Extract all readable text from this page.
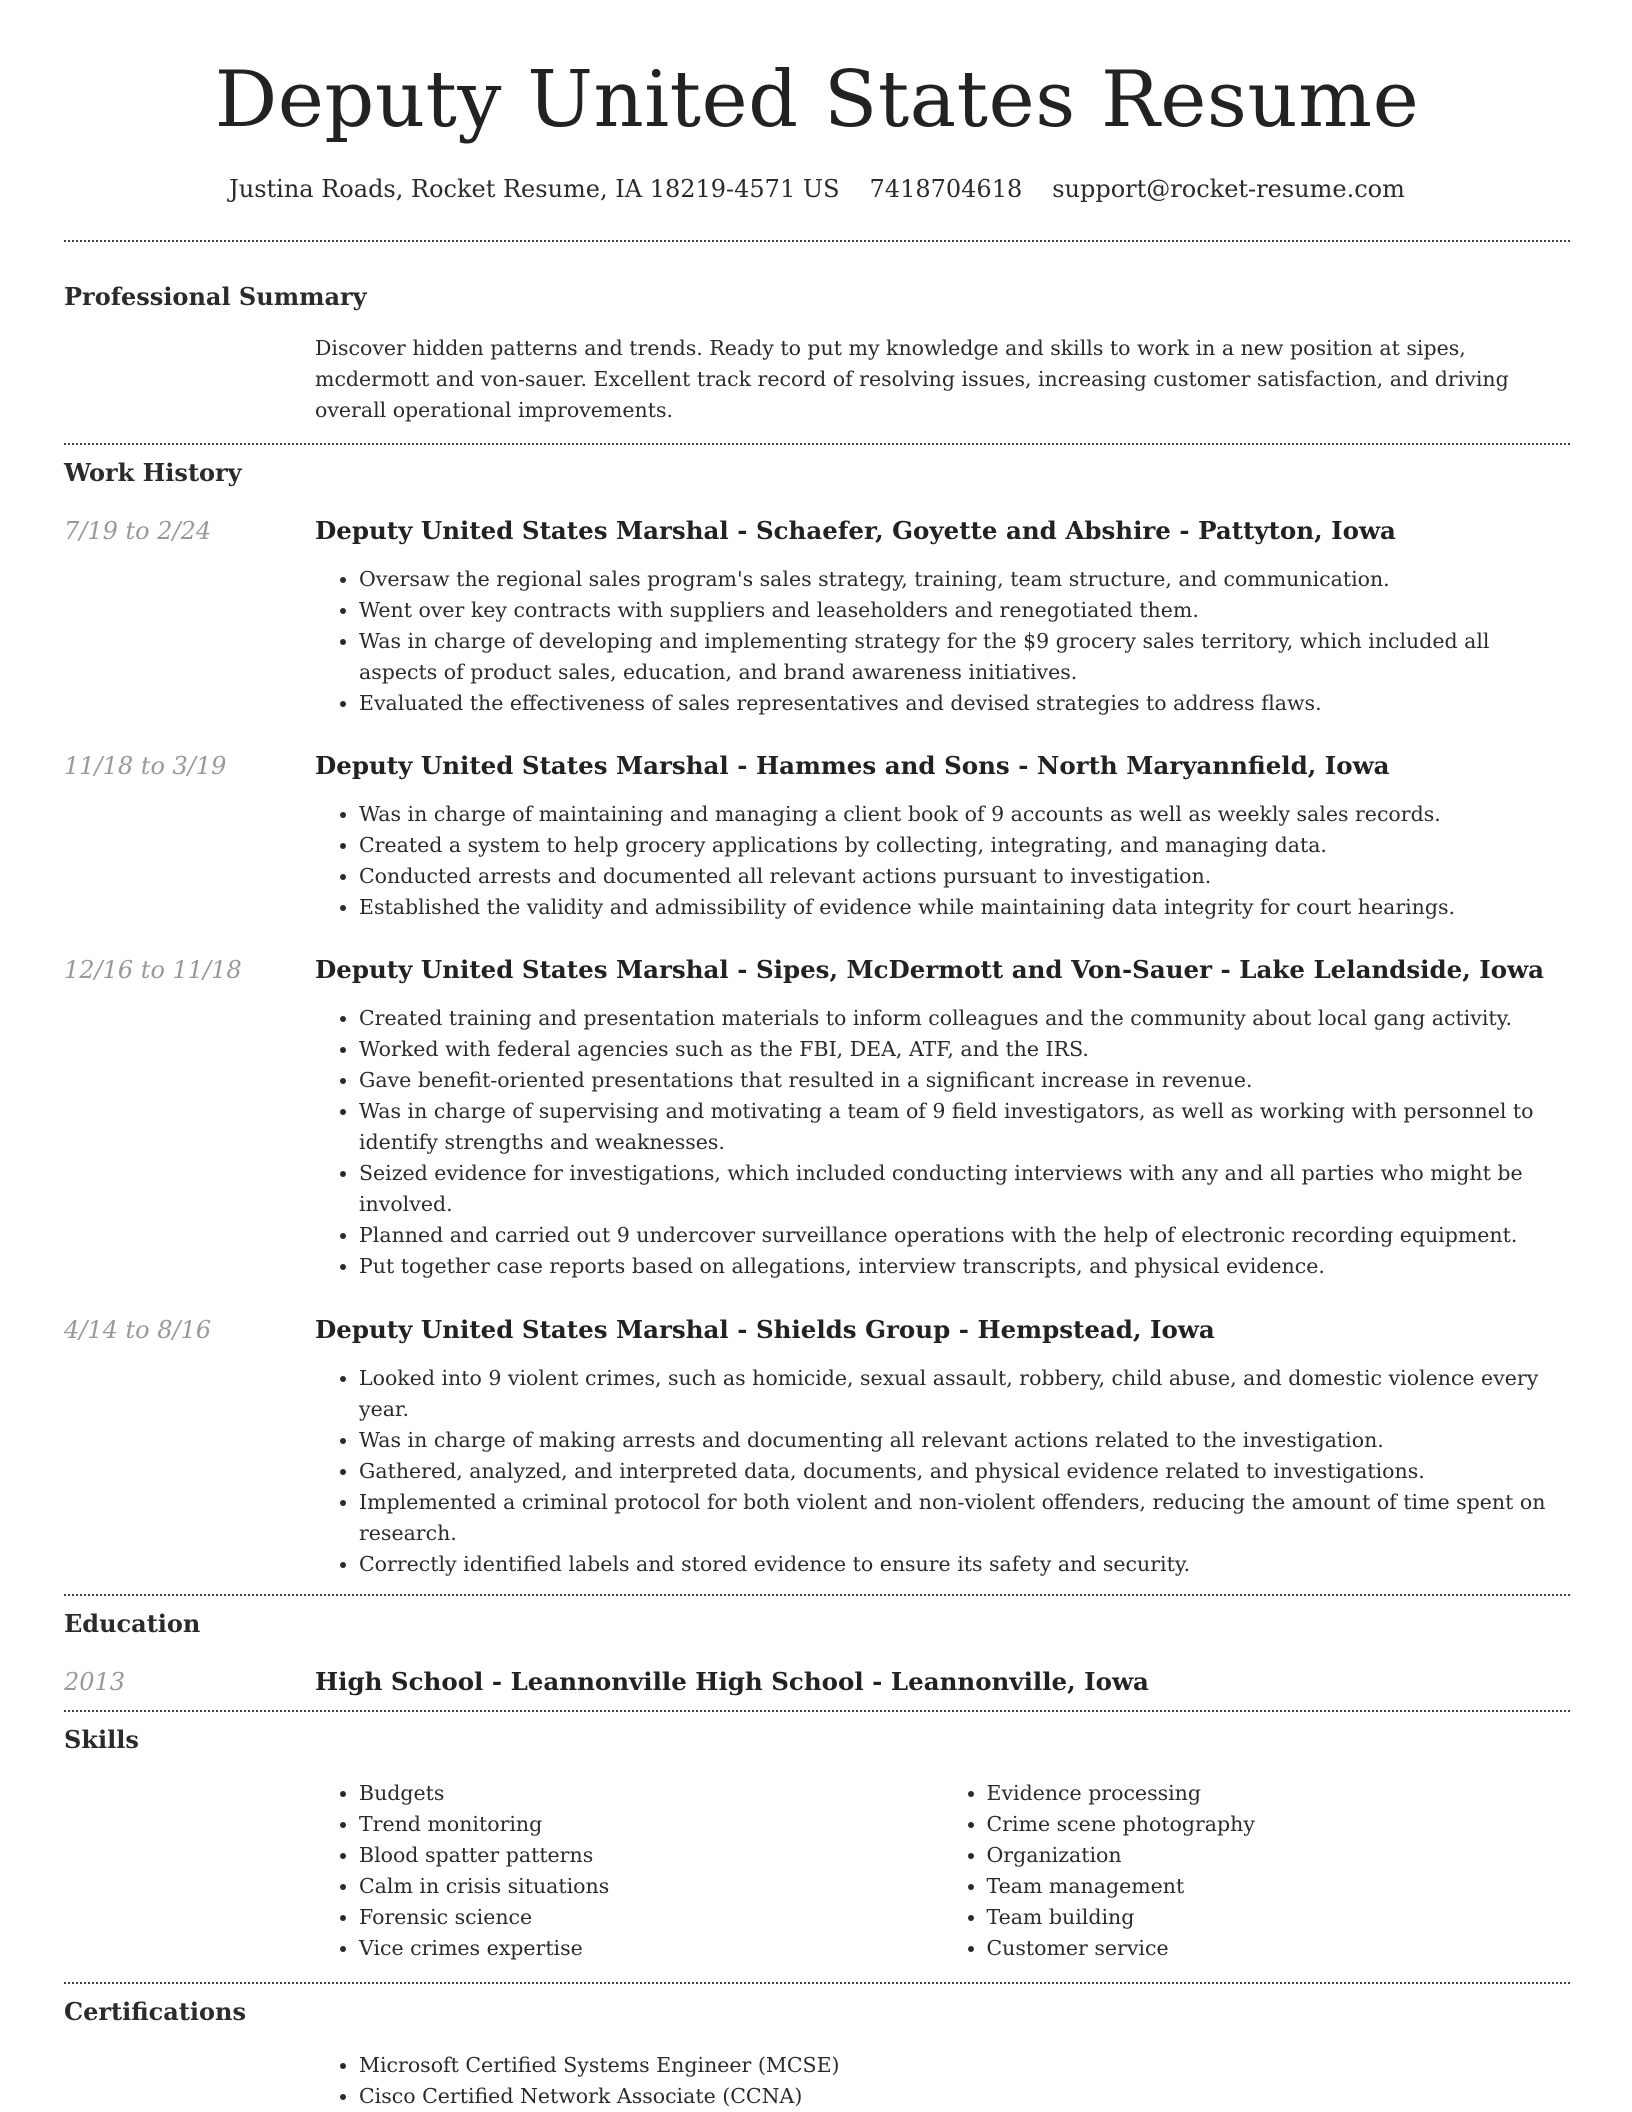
Deputy United States Resume
Justina Roads, Rocket Resume, IA 18219-4571 US 7418704618 support@rocket-resume.com
Professional Summary

Discover hidden patterns and trends. Ready to put my knowledge and skills to work in a new position at sipes, mcdermott and von-sauer. Excellent track record of resolving issues, increasing customer satisfaction, and driving overall operational improvements.

Work History
7/19 to 2/24	Deputy United States Marshal - Schaefer, Goyette and Abshire - Pattyton, Iowa
• Oversaw the regional sales program's sales strategy, training, team structure, and communication.
• Went over key contracts with suppliers and leaseholders and renegotiated them.
• Was in charge of developing and implementing strategy for the $9 grocery sales territory, which included all aspects of product sales, education, and brand awareness initiatives.
• Evaluated the effectiveness of sales representatives and devised strategies to address flaws.
11/18 to 3/19	Deputy United States Marshal - Hammes and Sons - North Maryannfield, Iowa
• Was in charge of maintaining and managing a client book of 9 accounts as well as weekly sales records.
• Created a system to help grocery applications by collecting, integrating, and managing data.
• Conducted arrests and documented all relevant actions pursuant to investigation.
• Established the validity and admissibility of evidence while maintaining data integrity for court hearings.
12/16 to 11/18	Deputy United States Marshal - Sipes, McDermott and Von-Sauer - Lake Lelandside, Iowa
• Created training and presentation materials to inform colleagues and the community about local gang activity.
• Worked with federal agencies such as the FBI, DEA, ATF, and the IRS.
• Gave benefit-oriented presentations that resulted in a significant increase in revenue.
• Was in charge of supervising and motivating a team of 9 field investigators, as well as working with personnel to identify strengths and weaknesses.
• Seized evidence for investigations, which included conducting interviews with any and all parties who might be involved.
• Planned and carried out 9 undercover surveillance operations with the help of electronic recording equipment.
• Put together case reports based on allegations, interview transcripts, and physical evidence.
4/14 to 8/16	Deputy United States Marshal - Shields Group - Hempstead, Iowa
• Looked into 9 violent crimes, such as homicide, sexual assault, robbery, child abuse, and domestic violence every year.
• Was in charge of making arrests and documenting all relevant actions related to the investigation.
• Gathered, analyzed, and interpreted data, documents, and physical evidence related to investigations.
• Implemented a criminal protocol for both violent and non-violent offenders, reducing the amount of time spent on research.
• Correctly identified labels and stored evidence to ensure its safety and security.
Education
2013	High School - Leannonville High School - Leannonville, Iowa
Skills
• Budgets
• Trend monitoring
• Blood spatter patterns
• Calm in crisis situations
• Forensic science
• Vice crimes expertise
• Evidence processing
• Crime scene photography
• Organization
• Team management
• Team building
• Customer service
Certifications
• Microsoft Certified Systems Engineer (MCSE)
• Cisco Certified Network Associate (CCNA)
